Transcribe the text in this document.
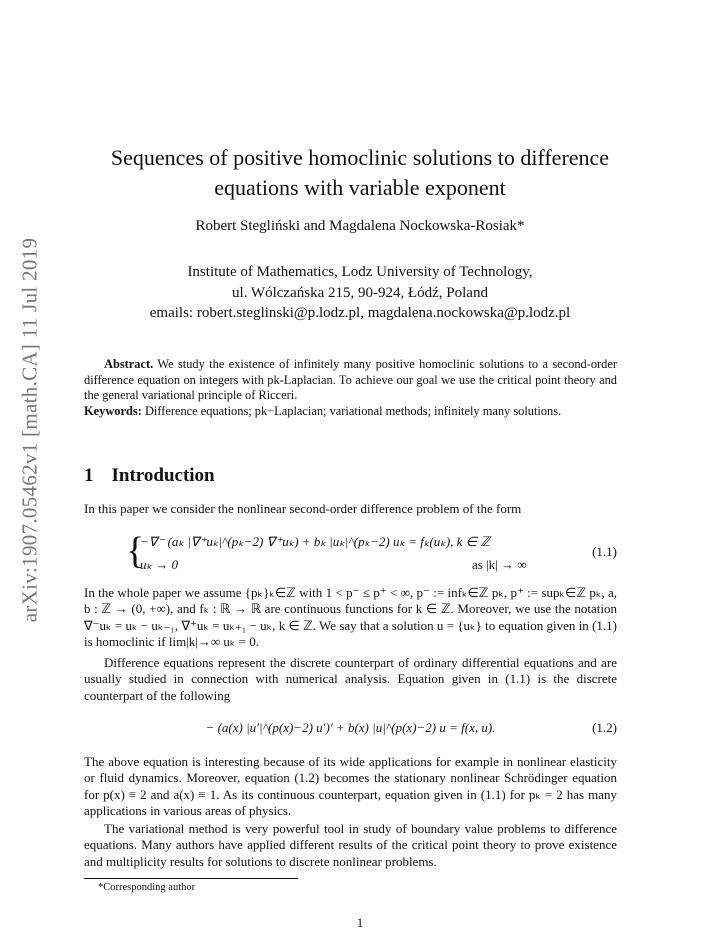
arXiv:1907.05462v1 [math.CA] 11 Jul 2019
Sequences of positive homoclinic solutions to difference
equations with variable exponent
Robert Stegliński and Magdalena Nockowska-Rosiak*
Institute of Mathematics, Lodz University of Technology,
ul. Wólczańska 215, 90-924, Łódź, Poland
emails: robert.steglinski@p.lodz.pl, magdalena.nockowska@p.lodz.pl

Abstract. We study the existence of infinitely many positive homoclinic solutions to a second-order difference equation on integers with pk-Laplacian. To achieve our goal we use the critical point theory and the general variational principle of Ricceri.

Keywords: Difference equations; pk−Laplacian; variational methods; infinitely many solutions.

1 Introduction

In this paper we consider the nonlinear second-order difference problem of the form

{
−∇⁻ (aₖ |∇⁺uₖ|^(pₖ−2) ∇⁺uₖ) + bₖ |uₖ|^(pₖ−2) uₖ = fₖ(uₖ), k ∈ ℤ
uₖ → 0	as |k| → ∞
(1.1)

In the whole paper we assume {pₖ}ₖ∈ℤ with 1 < p⁻ ≤ p⁺ < ∞, p⁻ := infₖ∈ℤ pₖ, p⁺ := supₖ∈ℤ pₖ, a, b : ℤ → (0, +∞), and fₖ : ℝ → ℝ are continuous functions for k ∈ ℤ. Moreover, we use the notation ∇⁻uₖ = uₖ − uₖ₋₁, ∇⁺uₖ = uₖ₊₁ − uₖ, k ∈ ℤ. We say that a solution u = {uₖ} to equation given in (1.1) is homoclinic if lim|k|→∞ uₖ = 0.

Difference equations represent the discrete counterpart of ordinary differential equations and are usually studied in connection with numerical analysis. Equation given in (1.1) is the discrete counterpart of the following

− (a(x) |u′|^(p(x)−2) u′)′ + b(x) |u|^(p(x)−2) u = f(x, u).	(1.2)

The above equation is interesting because of its wide applications for example in nonlinear elasticity or fluid dynamics. Moreover, equation (1.2) becomes the stationary nonlinear Schrödinger equation for p(x) ≡ 2 and a(x) ≡ 1. As its continuous counterpart, equation given in (1.1) for pₖ = 2 has many applications in various areas of physics.

The variational method is very powerful tool in study of boundary value problems to difference equations. Many authors have applied different results of the critical point theory to prove existence and multiplicity results for solutions to discrete nonlinear problems.

*Corresponding author
1
